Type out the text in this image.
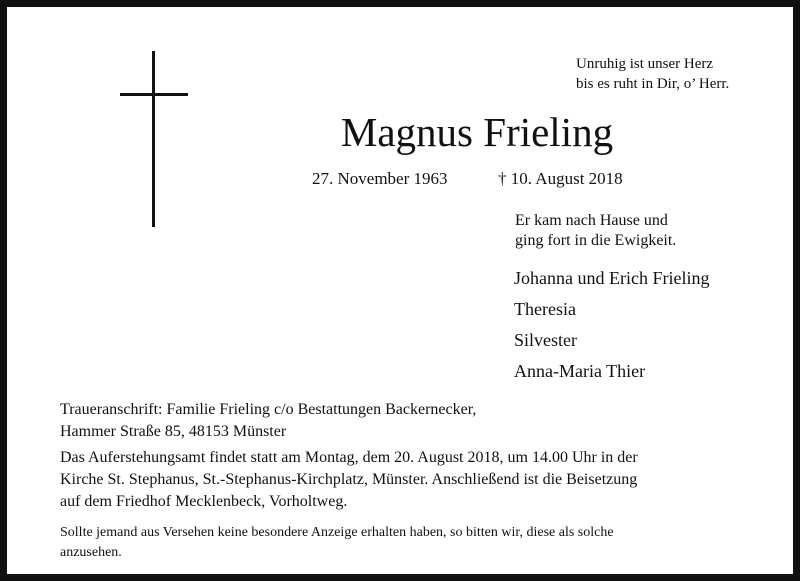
Unruhig ist unser Herz
bis es ruht in Dir, o’ Herr.
Magnus Frieling
27. November 1963	† 10. August 2018
Er kam nach Hause und
ging fort in die Ewigkeit.
Johanna und Erich Frieling
Theresia
Silvester
Anna-Maria Thier
Traueranschrift: Familie Frieling c/o Bestattungen Backernecker,
Hammer Straße 85, 48153 Münster
Das Auferstehungsamt findet statt am Montag, dem 20. August 2018, um 14.00 Uhr in der
Kirche St. Stephanus, St.-Stephanus-Kirchplatz, Münster. Anschließend ist die Beisetzung
auf dem Friedhof Mecklenbeck, Vorholtweg.
Sollte jemand aus Versehen keine besondere Anzeige erhalten haben, so bitten wir, diese als solche
anzusehen.
